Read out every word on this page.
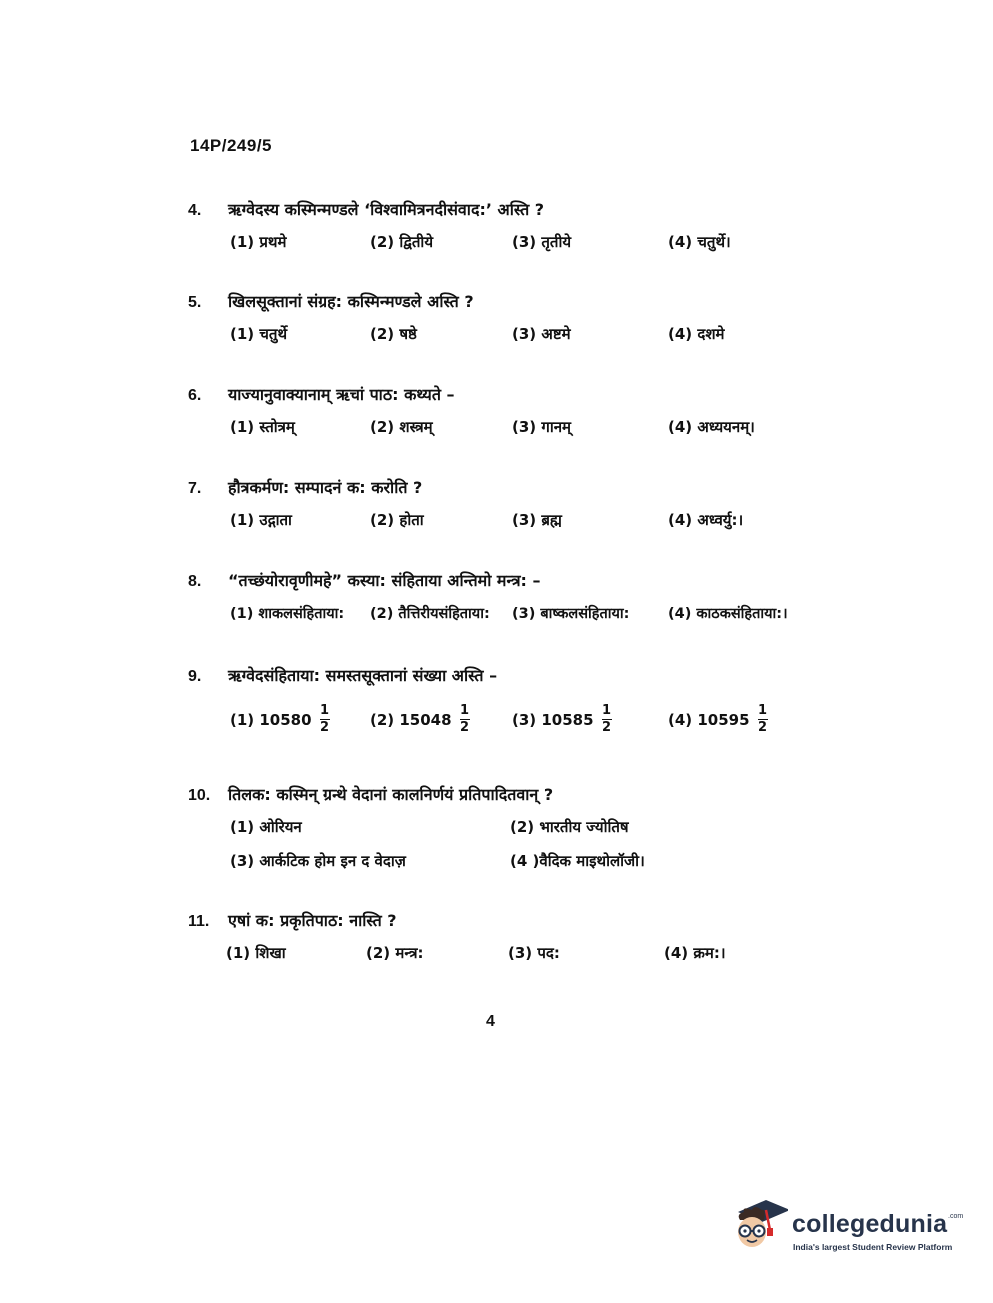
14P/249/5
4.	ऋग्वेदस्य कस्मिन्मण्डले ‘विश्वामित्रनदीसंवाद:’ अस्ति ?
(1) प्रथमे	(2) द्वितीये	(3) तृतीये	(4) चतुर्थे।
5.	खिलसूक्तानां संग्रह: कस्मिन्मण्डले अस्ति ?
(1) चतुर्थे	(2) षष्ठे	(3) अष्टमे	(4) दशमे
6.	याज्यानुवाक्यानाम् ऋचां पाठ: कथ्यते –
(1) स्तोत्रम्	(2) शस्त्रम्	(3) गानम्	(4) अध्ययनम्।
7.	हौत्रकर्मण: सम्पादनं क: करोति ?
(1) उद्गाता	(2) होता	(3) ब्रह्म	(4) अध्वर्यु:।
8.	“तच्छंयोरावृणीमहे” कस्या: संहिताया अन्तिमो मन्त्र: –
(1) शाकलसंहिताया: (2) तैत्तिरीयसंहिताया: (3) बाष्कलसंहिताया:	(4) काठकसंहिताया:।
9.	ऋग्वेदसंहिताया: समस्तसूक्तानां संख्या अस्ति –
(1) $10580 \frac{1}{2}$	(2) $15048 \frac{1}{2}$	(3) $10585 \frac{1}{2}$	(4) $10595 \frac{1}{2}$
10.	तिलक: कस्मिन् ग्रन्थे वेदानां कालनिर्णयं प्रतिपादितवान् ?
(1) ओरियन	(2) भारतीय ज्योतिष
(3) आर्कटिक होम इन द वेदाज़	(4 )वैदिक माइथोलॉजी।
11.	एषां क: प्रकृतिपाठ: नास्ति ?
(1) शिखा	(2) मन्त्र:	(3) पद:	(4) क्रम:।
4
collegedunia .com
India's largest Student Review Platform
